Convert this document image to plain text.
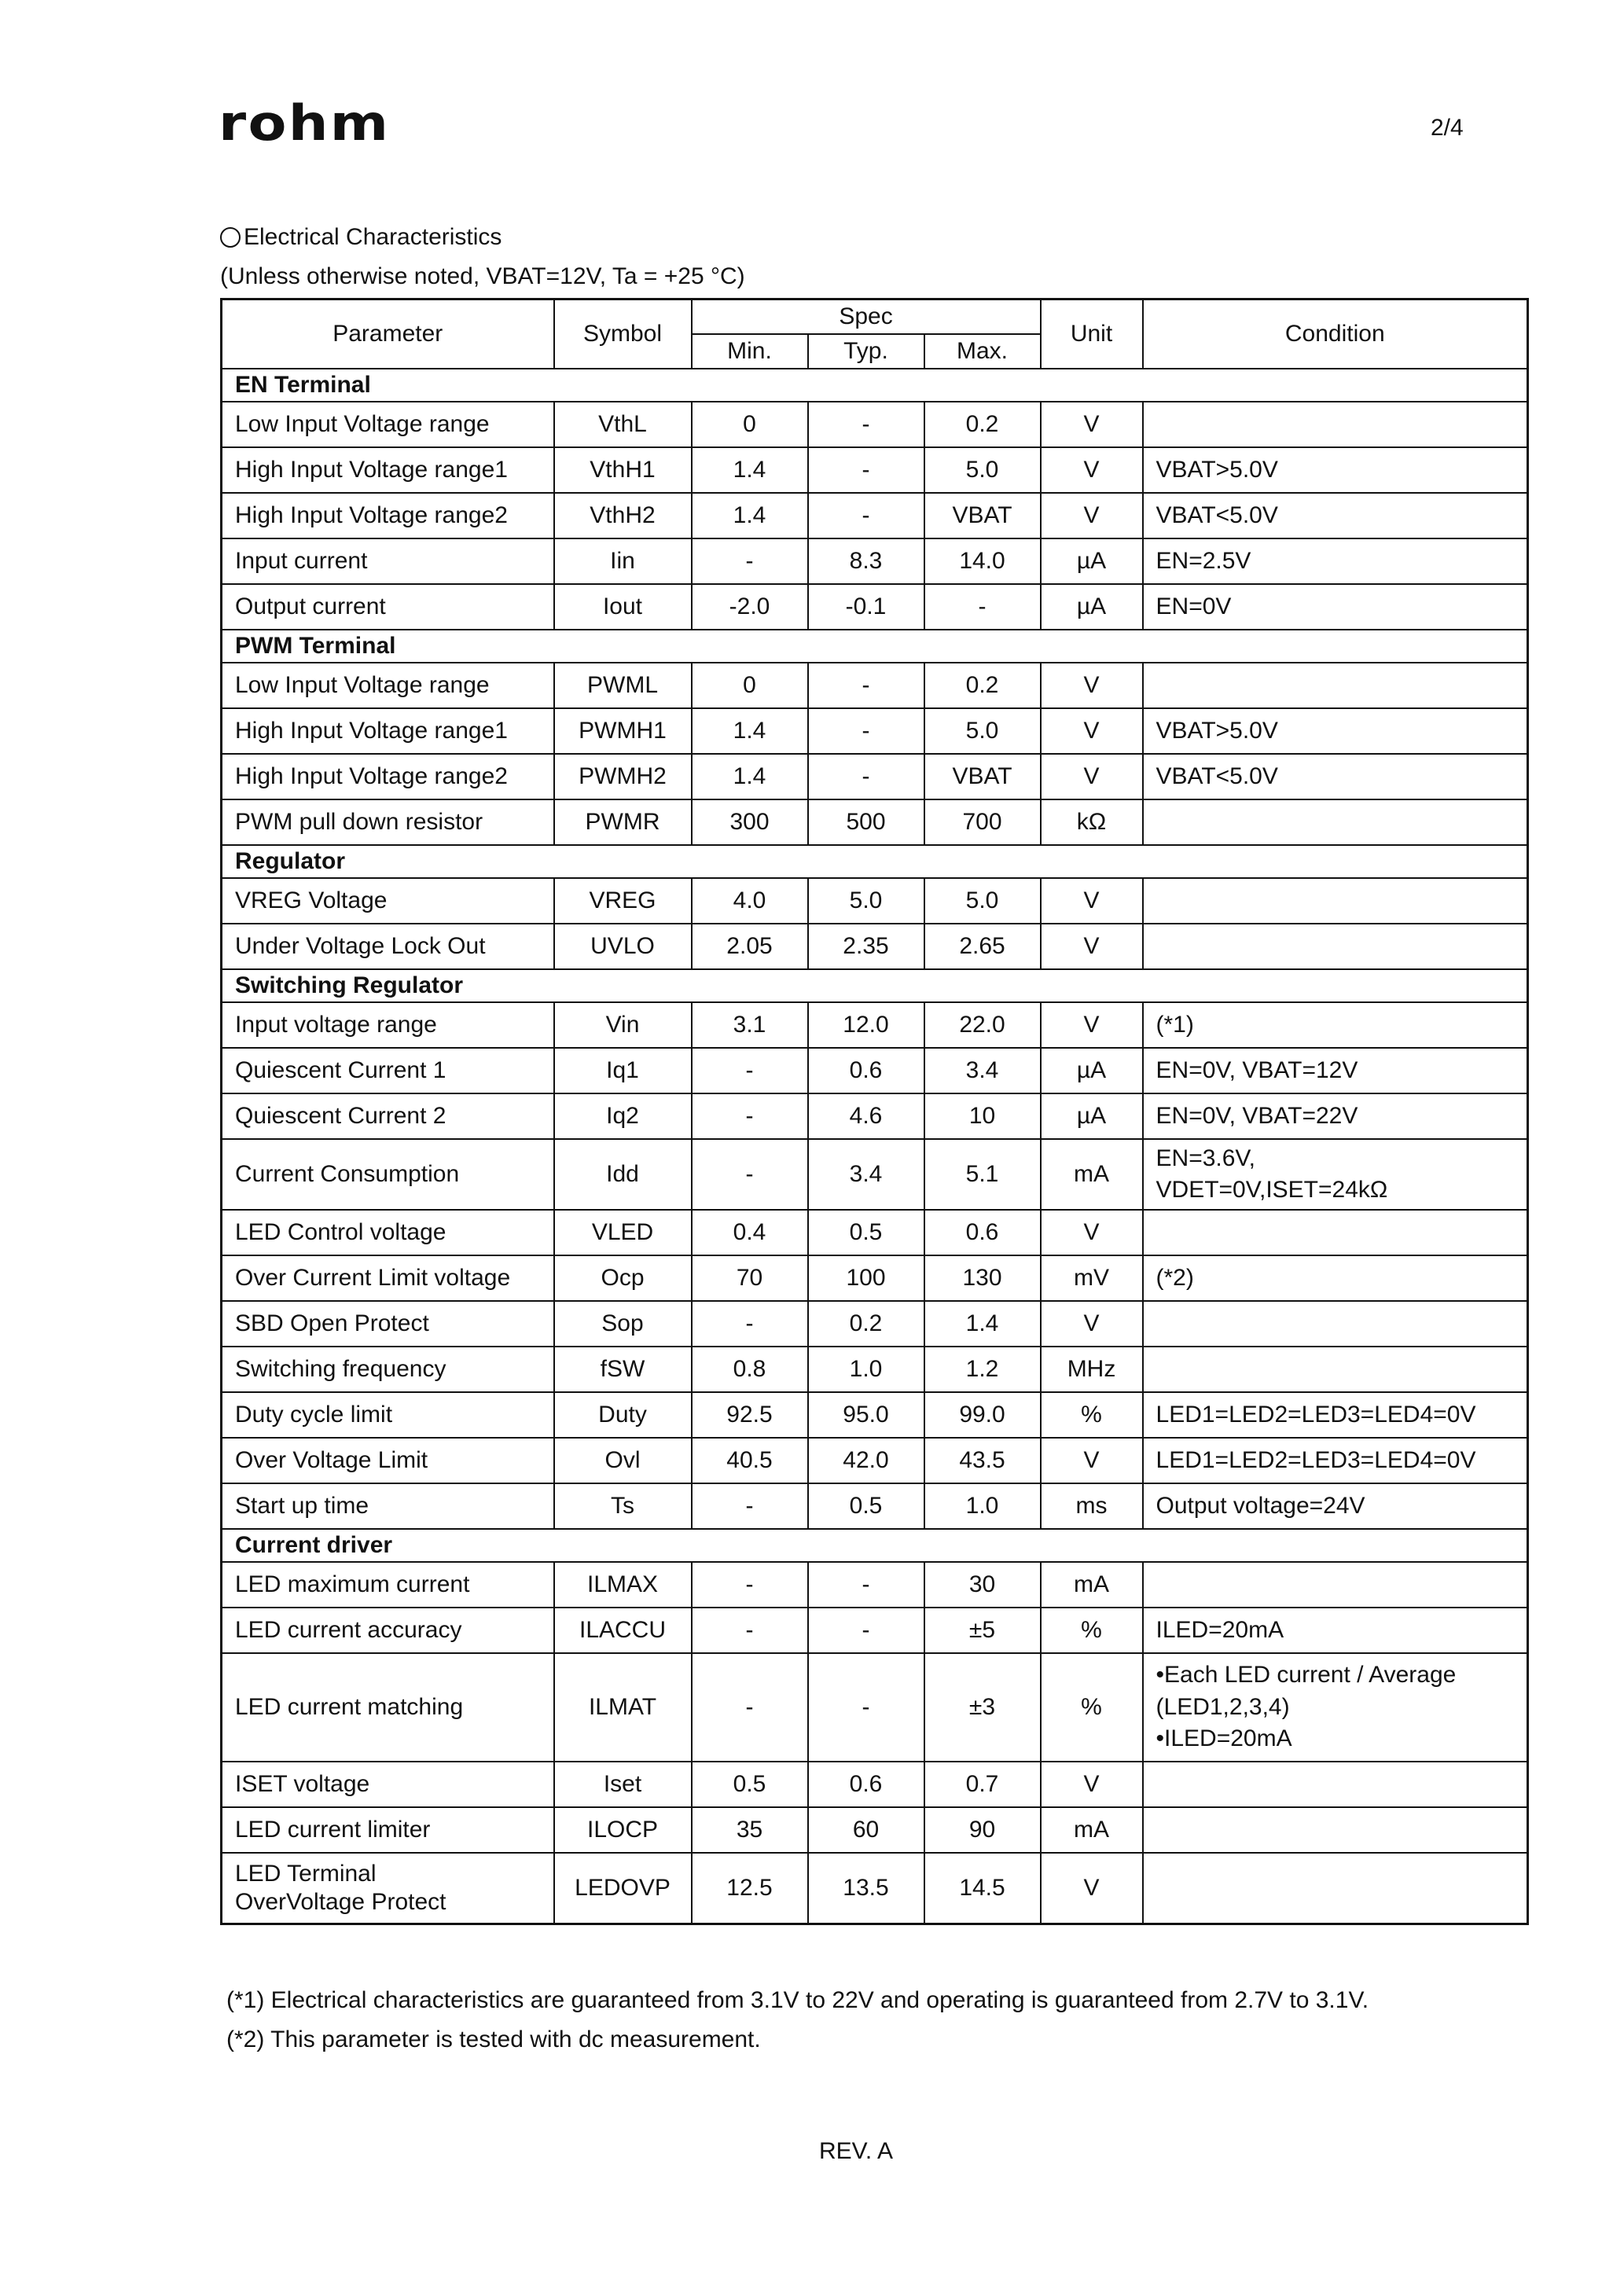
rohm	2/4
Electrical Characteristics
(Unless otherwise noted, VBAT=12V, Ta = +25 °C)
Parameter	Symbol	Spec			Unit	Condition
		Min.	Typ.	Max.		
EN Terminal						
Low Input Voltage range	VthL	0	-	0.2	V	
High Input Voltage range1	VthH1	1.4	-	5.0	V	VBAT>5.0V
High Input Voltage range2	VthH2	1.4	-	VBAT	V	VBAT<5.0V
Input current	Iin	-	8.3	14.0	µA	EN=2.5V
Output current	Iout	-2.0	-0.1	-	µA	EN=0V
PWM Terminal						
Low Input Voltage range	PWML	0	-	0.2	V	
High Input Voltage range1	PWMH1	1.4	-	5.0	V	VBAT>5.0V
High Input Voltage range2	PWMH2	1.4	-	VBAT	V	VBAT<5.0V
PWM pull down resistor	PWMR	300	500	700	kΩ	
Regulator						
VREG Voltage	VREG	4.0	5.0	5.0	V	
Under Voltage Lock Out	UVLO	2.05	2.35	2.65	V	
Switching Regulator						
Input voltage range	Vin	3.1	12.0	22.0	V	(*1)
Quiescent Current 1	Iq1	-	0.6	3.4	µA	EN=0V, VBAT=12V
Quiescent Current 2	Iq2	-	4.6	10	µA	EN=0V, VBAT=22V
Current Consumption	Idd	-	3.4	5.1	mA	EN=3.6V,
VDET=0V,ISET=24kΩ

LED Control voltage	VLED	0.4	0.5	0.6	V	
Over Current Limit voltage	Ocp	70	100	130	mV	(*2)
SBD Open Protect	Sop	-	0.2	1.4	V	
Switching frequency	fSW	0.8	1.0	1.2	MHz	
Duty cycle limit	Duty	92.5	95.0	99.0	%	LED1=LED2=LED3=LED4=0V
Over Voltage Limit	Ovl	40.5	42.0	43.5	V	LED1=LED2=LED3=LED4=0V
Start up time	Ts	-	0.5	1.0	ms	Output voltage=24V
Current driver						
LED maximum current	ILMAX	-	-	30	mA	
LED current accuracy	ILACCU	-	-	±5	%	ILED=20mA
LED current matching	ILMAT	-	-	±3	%	•Each LED current / Average
(LED1,2,3,4)
•ILED=20mA

ISET voltage	Iset	0.5	0.6	0.7	V	
LED current limiter	ILOCP	35	60	90	mA	

LED Terminal
OverVoltage Protect	LEDOVP	12.5	13.5	14.5	V	
(*1) Electrical characteristics are guaranteed from 3.1V to 22V and operating is guaranteed from 2.7V to 3.1V.
(*2) This parameter is tested with dc measurement.
REV. A
